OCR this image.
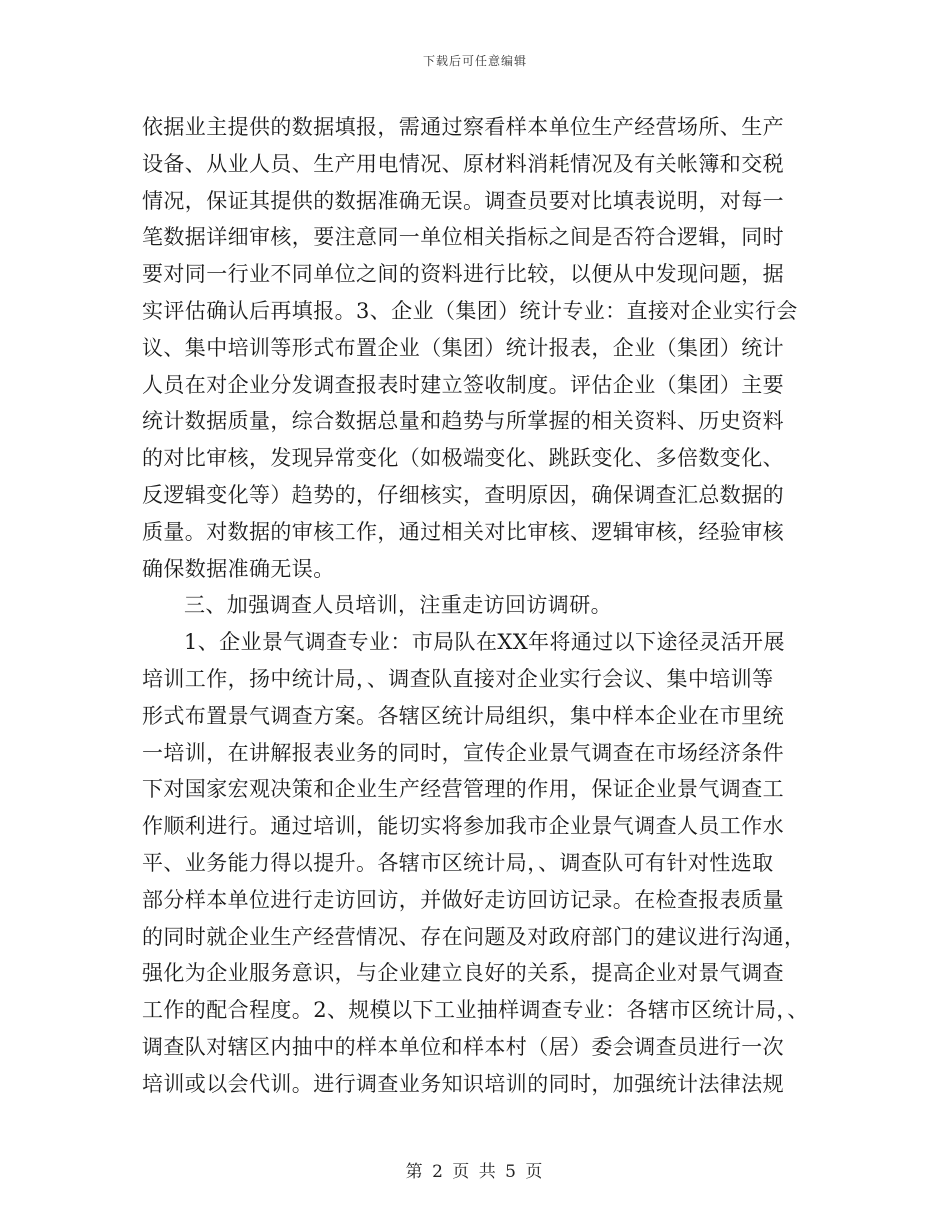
下载后可任意编辑
依据业主提供的数据填报，需通过察看样本单位生产经营场所、生产
设备、从业人员、生产用电情况、原材料消耗情况及有关帐簿和交税
情况，保证其提供的数据准确无误。调查员要对比填表说明，对每一
笔数据详细审核，要注意同一单位相关指标之间是否符合逻辑，同时
要对同一行业不同单位之间的资料进行比较，以便从中发现问题，据
实评估确认后再填报。3、企业（集团）统计专业：直接对企业实行会
议、集中培训等形式布置企业（集团）统计报表，企业（集团）统计
人员在对企业分发调查报表时建立签收制度。评估企业（集团）主要
统计数据质量，综合数据总量和趋势与所掌握的相关资料、历史资料
的对比审核，发现异常变化（如极端变化、跳跃变化、多倍数变化、
反逻辑变化等）趋势的，仔细核实，查明原因，确保调查汇总数据的
质量。对数据的审核工作，通过相关对比审核、逻辑审核，经验审核
确保数据准确无误。
三、加强调查人员培训，注重走访回访调研。
1、企业景气调查专业：市局队在XX年将通过以下途径灵活开展
培训工作，扬中统计局，、调查队直接对企业实行会议、集中培训等
形式布置景气调查方案。各辖区统计局组织，集中样本企业在市里统
一培训，在讲解报表业务的同时，宣传企业景气调查在市场经济条件
下对国家宏观决策和企业生产经营管理的作用，保证企业景气调查工
作顺利进行。通过培训，能切实将参加我市企业景气调查人员工作水
平、业务能力得以提升。各辖市区统计局，、调查队可有针对性选取
部分样本单位进行走访回访，并做好走访回访记录。在检查报表质量
的同时就企业生产经营情况、存在问题及对政府部门的建议进行沟通，
强化为企业服务意识，与企业建立良好的关系，提高企业对景气调查
工作的配合程度。2、规模以下工业抽样调查专业：各辖市区统计局，、
调查队对辖区内抽中的样本单位和样本村（居）委会调查员进行一次
培训或以会代训。进行调查业务知识培训的同时，加强统计法律法规
第 2 页 共 5 页
